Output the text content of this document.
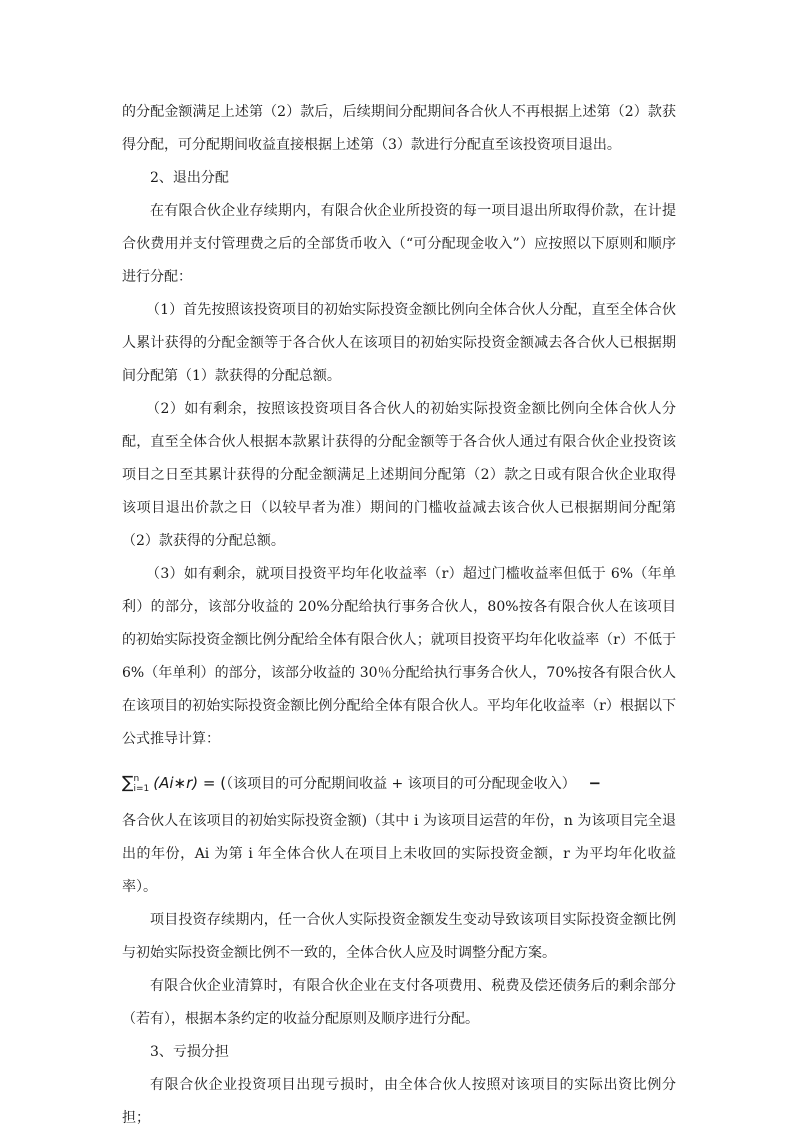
的分配金额满足上述第（2）款后，后续期间分配期间各合伙人不再根据上述第（2）款获得分配，可分配期间收益直接根据上述第（3）款进行分配直至该投资项目退出。

2、退出分配

在有限合伙企业存续期内，有限合伙企业所投资的每一项目退出所取得价款，在计提合伙费用并支付管理费之后的全部货币收入（“可分配现金收入”）应按照以下原则和顺序进行分配：

（1）首先按照该投资项目的初始实际投资金额比例向全体合伙人分配，直至全体合伙人累计获得的分配金额等于各合伙人在该项目的初始实际投资金额减去各合伙人已根据期间分配第（1）款获得的分配总额。

（2）如有剩余，按照该投资项目各合伙人的初始实际投资金额比例向全体合伙人分配，直至全体合伙人根据本款累计获得的分配金额等于各合伙人通过有限合伙企业投资该项目之日至其累计获得的分配金额满足上述期间分配第（2）款之日或有限合伙企业取得该项目退出价款之日（以较早者为准）期间的门槛收益减去该合伙人已根据期间分配第（2）款获得的分配总额。

（3）如有剩余，就项目投资平均年化收益率（r）超过门槛收益率但低于 6%（年单利）的部分，该部分收益的 20%分配给执行事务合伙人，80%按各有限合伙人在该项目的初始实际投资金额比例分配给全体有限合伙人；就项目投资平均年化收益率（r）不低于 6%（年单利）的部分，该部分收益的 30％分配给执行事务合伙人，70%按各有限合伙人在该项目的初始实际投资金额比例分配给全体有限合伙人。平均年化收益率（r）根据以下公式推导计算：

∑ n
i=1 (Ai∗r) = (（该项目的可分配期间收益 + 该项目的可分配现金收入） −

各合伙人在该项目的初始实际投资金额)（其中 i 为该项目运营的年份，n 为该项目完全退出的年份，Ai 为第 i 年全体合伙人在项目上未收回的实际投资金额，r 为平均年化收益率）。

项目投资存续期内，任一合伙人实际投资金额发生变动导致该项目实际投资金额比例与初始实际投资金额比例不一致的，全体合伙人应及时调整分配方案。

有限合伙企业清算时，有限合伙企业在支付各项费用、税费及偿还债务后的剩余部分（若有），根据本条约定的收益分配原则及顺序进行分配。

3、亏损分担

有限合伙企业投资项目出现亏损时，由全体合伙人按照对该项目的实际出资比例分担；
